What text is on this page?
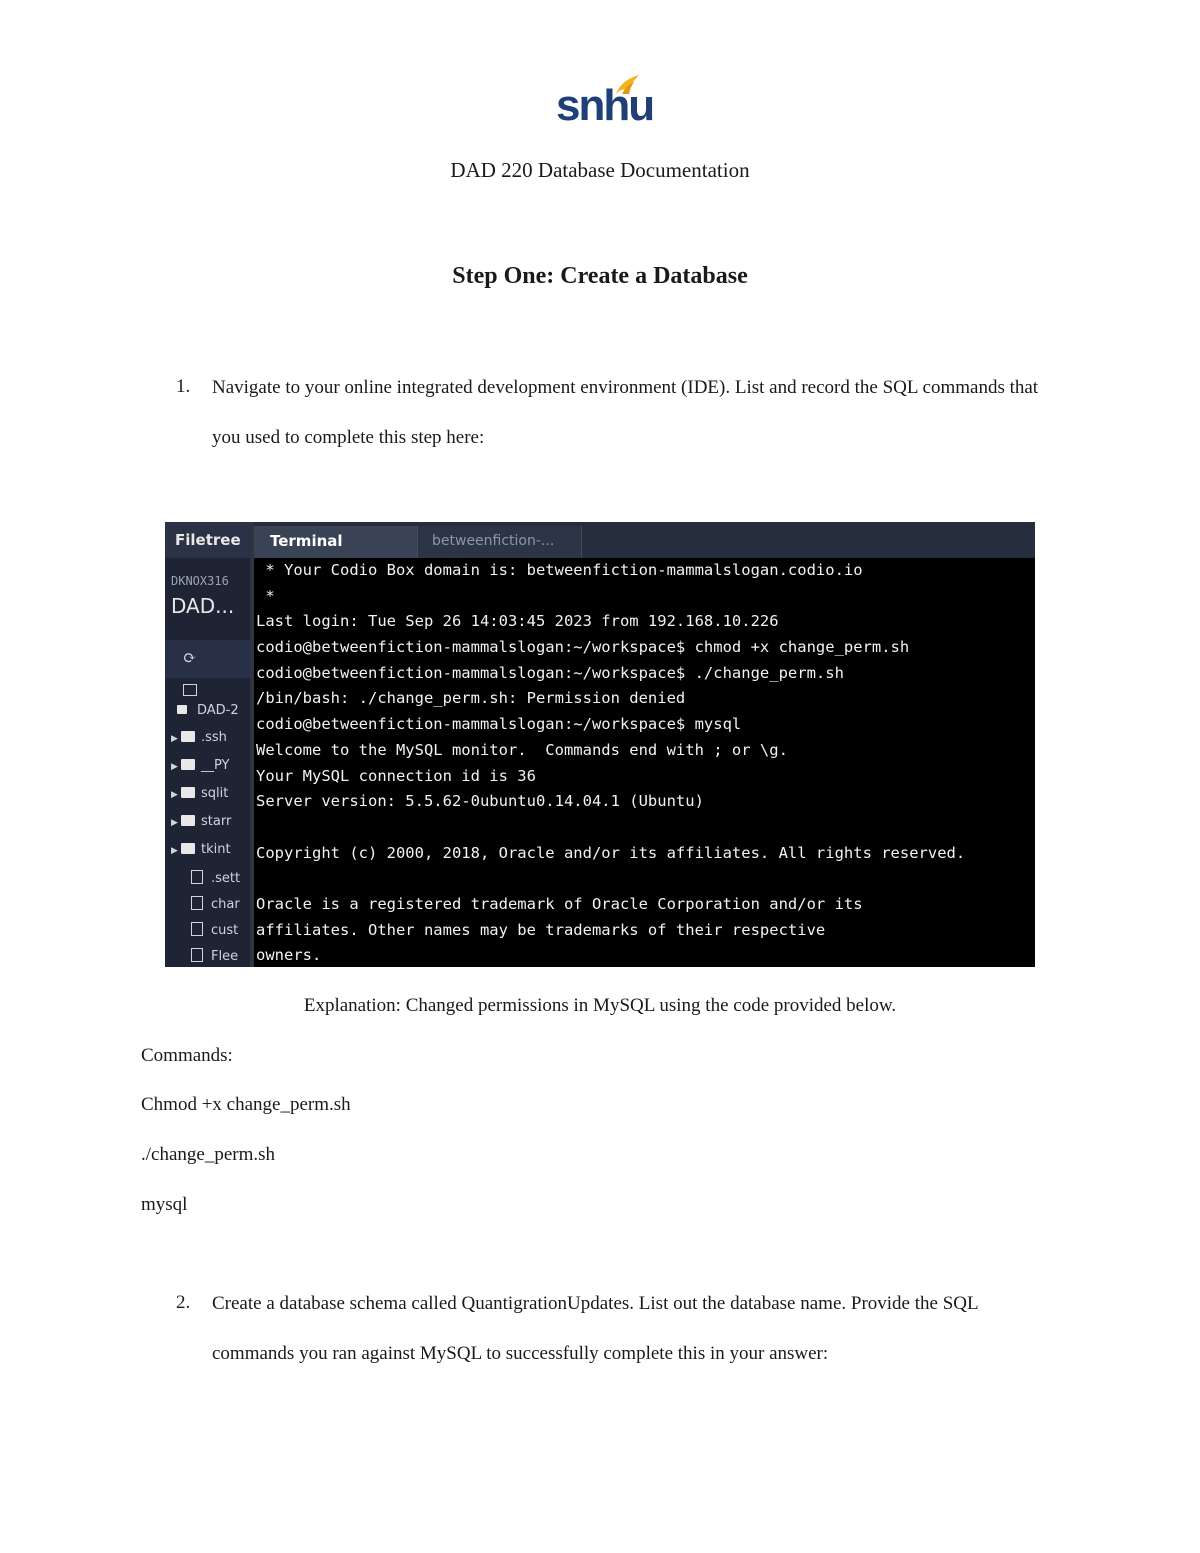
snhu
DAD 220 Database Documentation
Step One: Create a Database
1. Navigate to your online integrated development environment (IDE). List and record the SQL commands that you used to complete this step here:
Filetree
DKNOX316
DAD...
⟳
DAD-2
▶ .ssh
▶ __PY
▶ sqlit
▶ starr
▶ tkint
.sett
char
cust
Flee
Terminal	betweenfiction-...
* Your Codio Box domain is: betweenfiction-mammalslogan.codio.io
*
Last login: Tue Sep 26 14:03:45 2023 from 192.168.10.226
codio@betweenfiction-mammalslogan:~/workspace$ chmod +x change_perm.sh
codio@betweenfiction-mammalslogan:~/workspace$ ./change_perm.sh
/bin/bash: ./change_perm.sh: Permission denied
codio@betweenfiction-mammalslogan:~/workspace$ mysql
Welcome to the MySQL monitor.  Commands end with ; or \g.
Your MySQL connection id is 36
Server version: 5.5.62-0ubuntu0.14.04.1 (Ubuntu)
Copyright (c) 2000, 2018, Oracle and/or its affiliates. All rights reserved.
Oracle is a registered trademark of Oracle Corporation and/or its
affiliates. Other names may be trademarks of their respective
owners.
Explanation: Changed permissions in MySQL using the code provided below.
Commands:
Chmod +x change_perm.sh
./change_perm.sh
mysql
2. Create a database schema called QuantigrationUpdates. List out the database name. Provide the SQL commands you ran against MySQL to successfully complete this in your answer:
